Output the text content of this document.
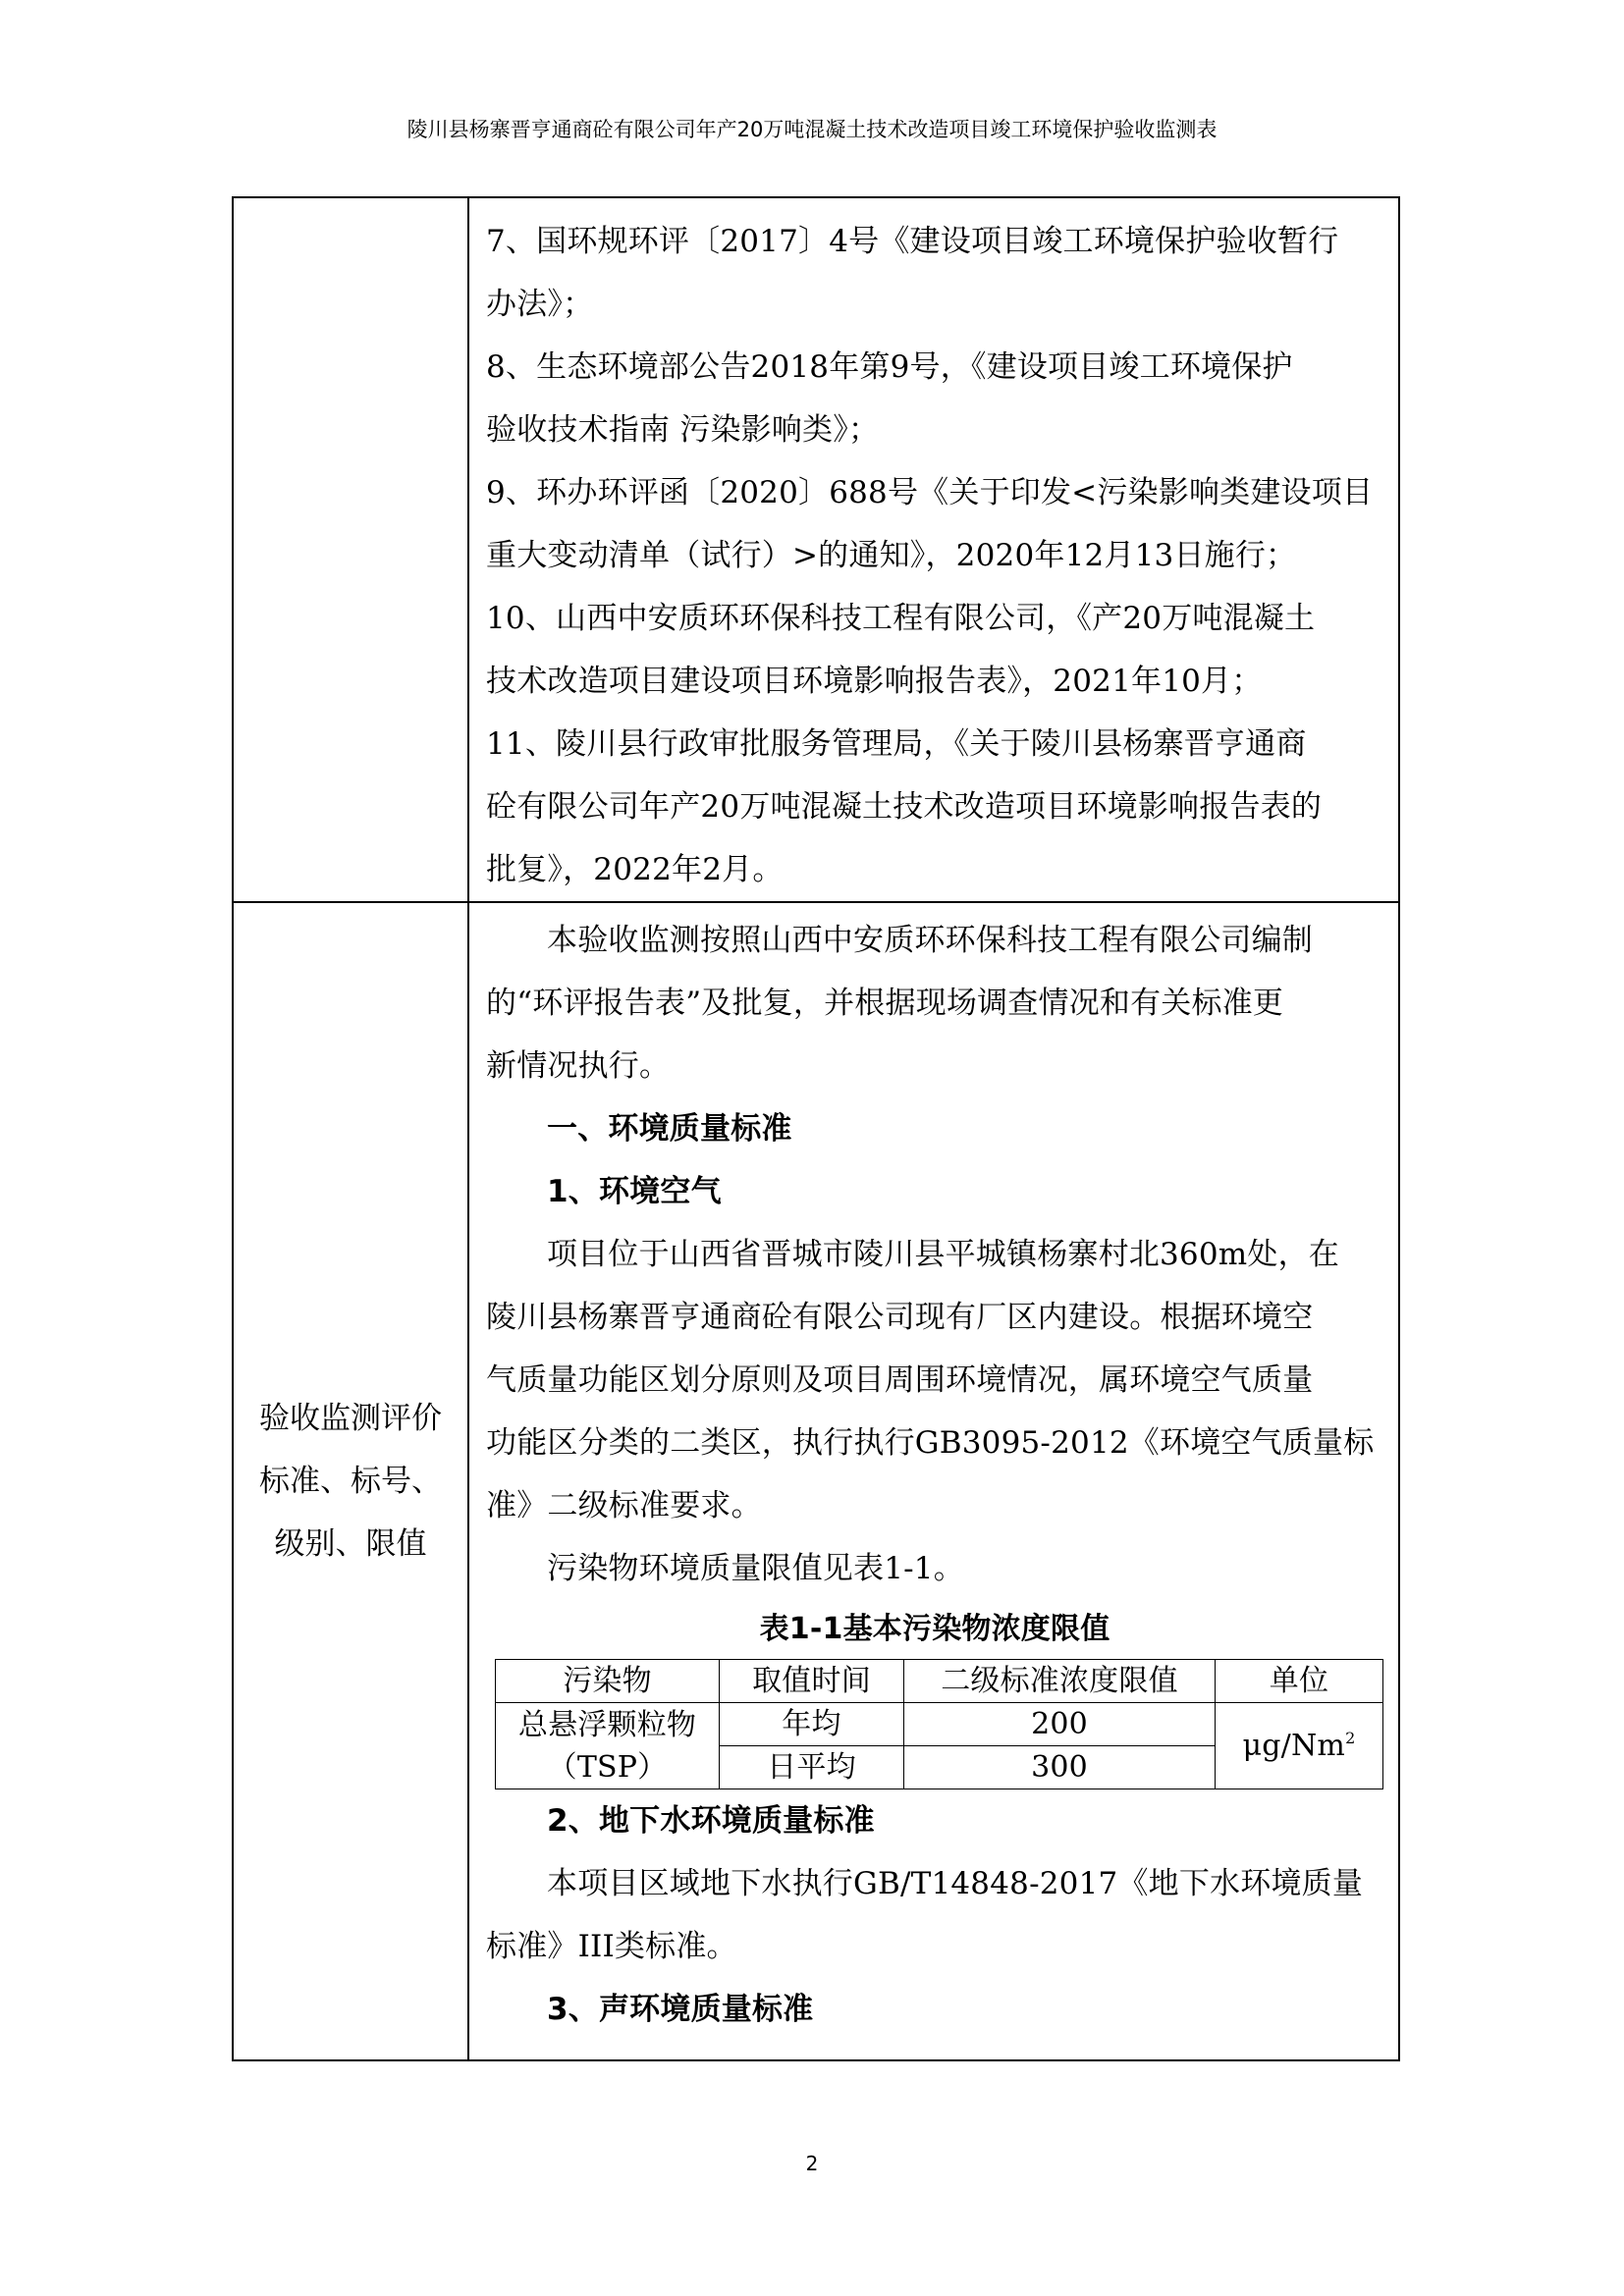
陵川县杨寨晋亨通商砼有限公司年产20万吨混凝土技术改造项目竣工环境保护验收监测表

7、国环规环评〔2017〕4号《建设项目竣工环境保护验收暂行

办法》；

8、生态环境部公告2018年第9号，《建设项目竣工环境保护

验收技术指南 污染影响类》；

9、环办环评函〔2020〕688号《关于印发<污染影响类建设项目

重大变动清单（试行）>的通知》，2020年12月13日施行；

10、山西中安质环环保科技工程有限公司，《产20万吨混凝土

技术改造项目建设项目环境影响报告表》，2021年10月；

11、陵川县行政审批服务管理局，《关于陵川县杨寨晋亨通商

砼有限公司年产20万吨混凝土技术改造项目环境影响报告表的

批复》，2022年2月。

验收监测评价
标准、标号、
级别、限值

本验收监测按照山西中安质环环保科技工程有限公司编制

的“环评报告表”及批复，并根据现场调查情况和有关标准更

新情况执行。

一、环境质量标准

1、环境空气

项目位于山西省晋城市陵川县平城镇杨寨村北360m处，在

陵川县杨寨晋亨通商砼有限公司现有厂区内建设。根据环境空

气质量功能区划分原则及项目周围环境情况，属环境空气质量

功能区分类的二类区，执行执行GB3095-2012《环境空气质量标

准》二级标准要求。

污染物环境质量限值见表1-1。

表1-1基本污染物浓度限值

污染物	取值时间	二级标准浓度限值	单位

总悬浮颗粒物
（TSP）
	年均	200	μg/Nm$^2$
日平均	300

2、地下水环境质量标准

本项目区域地下水执行GB/T14848-2017《地下水环境质量

标准》III类标准。

3、声环境质量标准

2
